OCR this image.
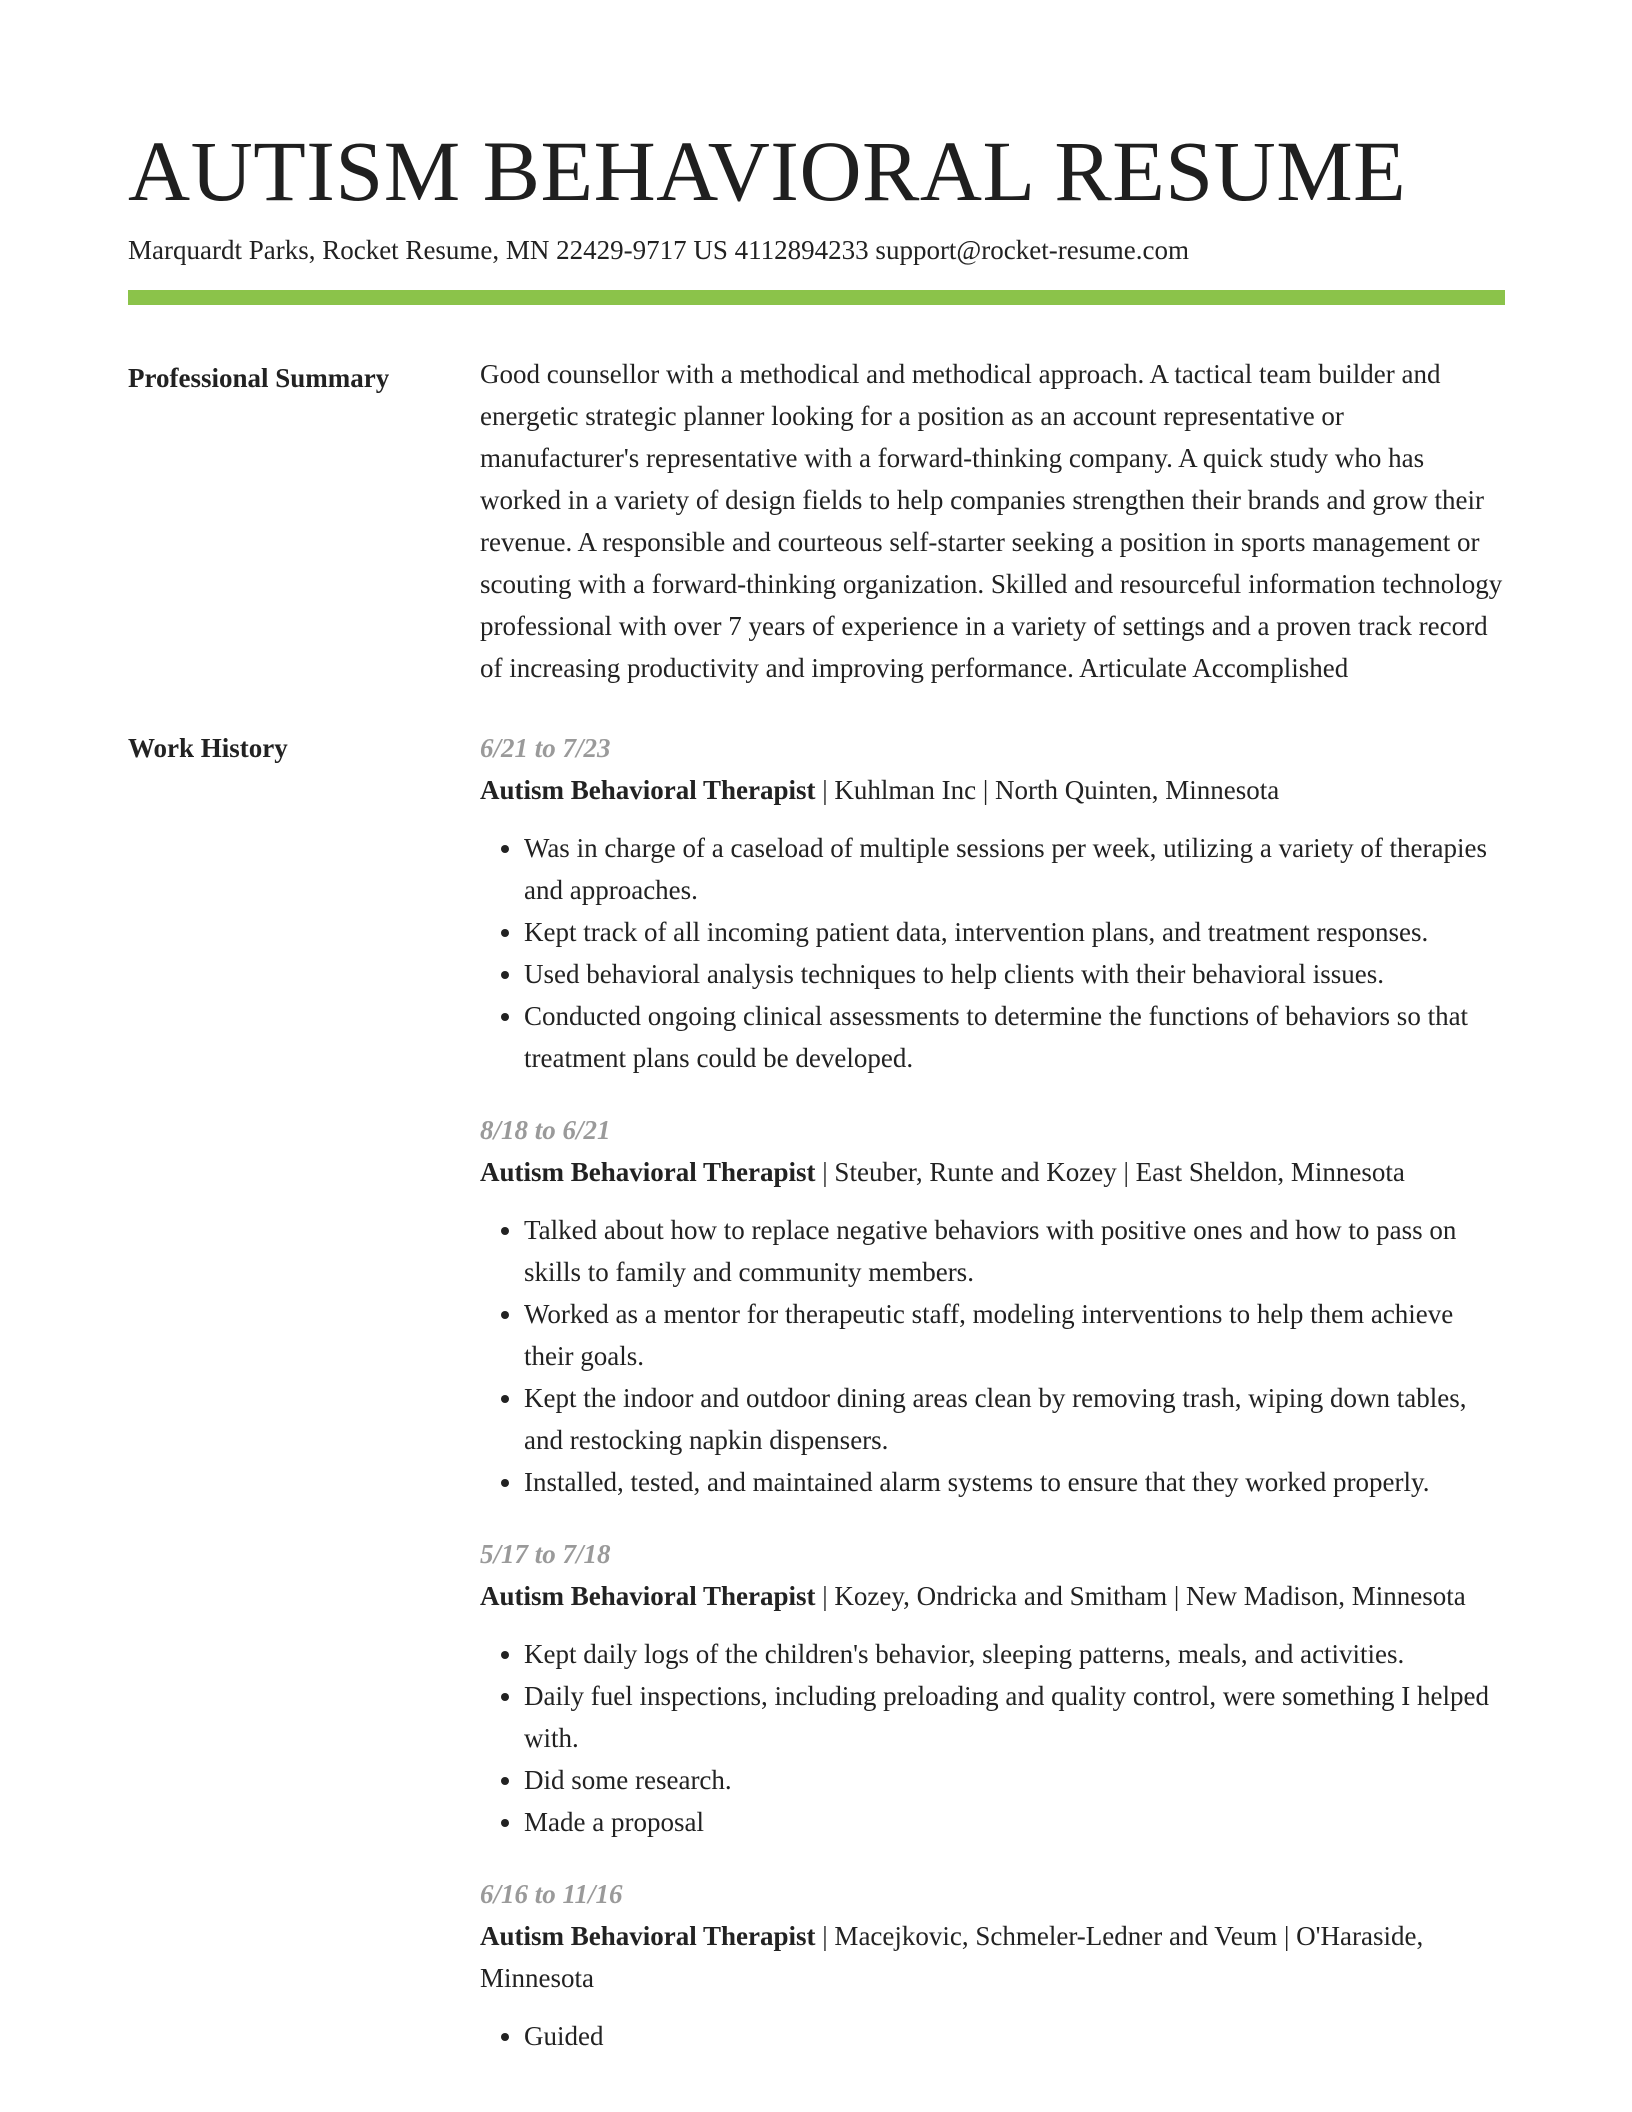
AUTISM BEHAVIORAL RESUME
Marquardt Parks, Rocket Resume, MN 22429-9717 US 4112894233 support@rocket-resume.com
Professional Summary	Good counsellor with a methodical and methodical approach. A tactical team builder and energetic strategic planner looking for a position as an account representative or manufacturer's representative with a forward-thinking company. A quick study who has worked in a variety of design fields to help companies strengthen their brands and grow their revenue. A responsible and courteous self-starter seeking a position in sports management or scouting with a forward-thinking organization. Skilled and resourceful information technology professional with over 7 years of experience in a variety of settings and a proven track record of increasing productivity and improving performance. Articulate Accomplished

Work History	6/21 to 7/23
Autism Behavioral Therapist | Kuhlman Inc | North Quinten, Minnesota
• Was in charge of a caseload of multiple sessions per week, utilizing a variety of therapies and approaches.
• Kept track of all incoming patient data, intervention plans, and treatment responses.
• Used behavioral analysis techniques to help clients with their behavioral issues.
• Conducted ongoing clinical assessments to determine the functions of behaviors so that treatment plans could be developed.
8/18 to 6/21
Autism Behavioral Therapist | Steuber, Runte and Kozey | East Sheldon, Minnesota
• Talked about how to replace negative behaviors with positive ones and how to pass on skills to family and community members.
• Worked as a mentor for therapeutic staff, modeling interventions to help them achieve their goals.
• Kept the indoor and outdoor dining areas clean by removing trash, wiping down tables, and restocking napkin dispensers.
• Installed, tested, and maintained alarm systems to ensure that they worked properly.
5/17 to 7/18
Autism Behavioral Therapist | Kozey, Ondricka and Smitham | New Madison, Minnesota
• Kept daily logs of the children's behavior, sleeping patterns, meals, and activities.
• Daily fuel inspections, including preloading and quality control, were something I helped with.
• Did some research.
• Made a proposal
6/16 to 11/16
Autism Behavioral Therapist | Macejkovic, Schmeler-Ledner and Veum | O'Haraside, Minnesota
• Guided
